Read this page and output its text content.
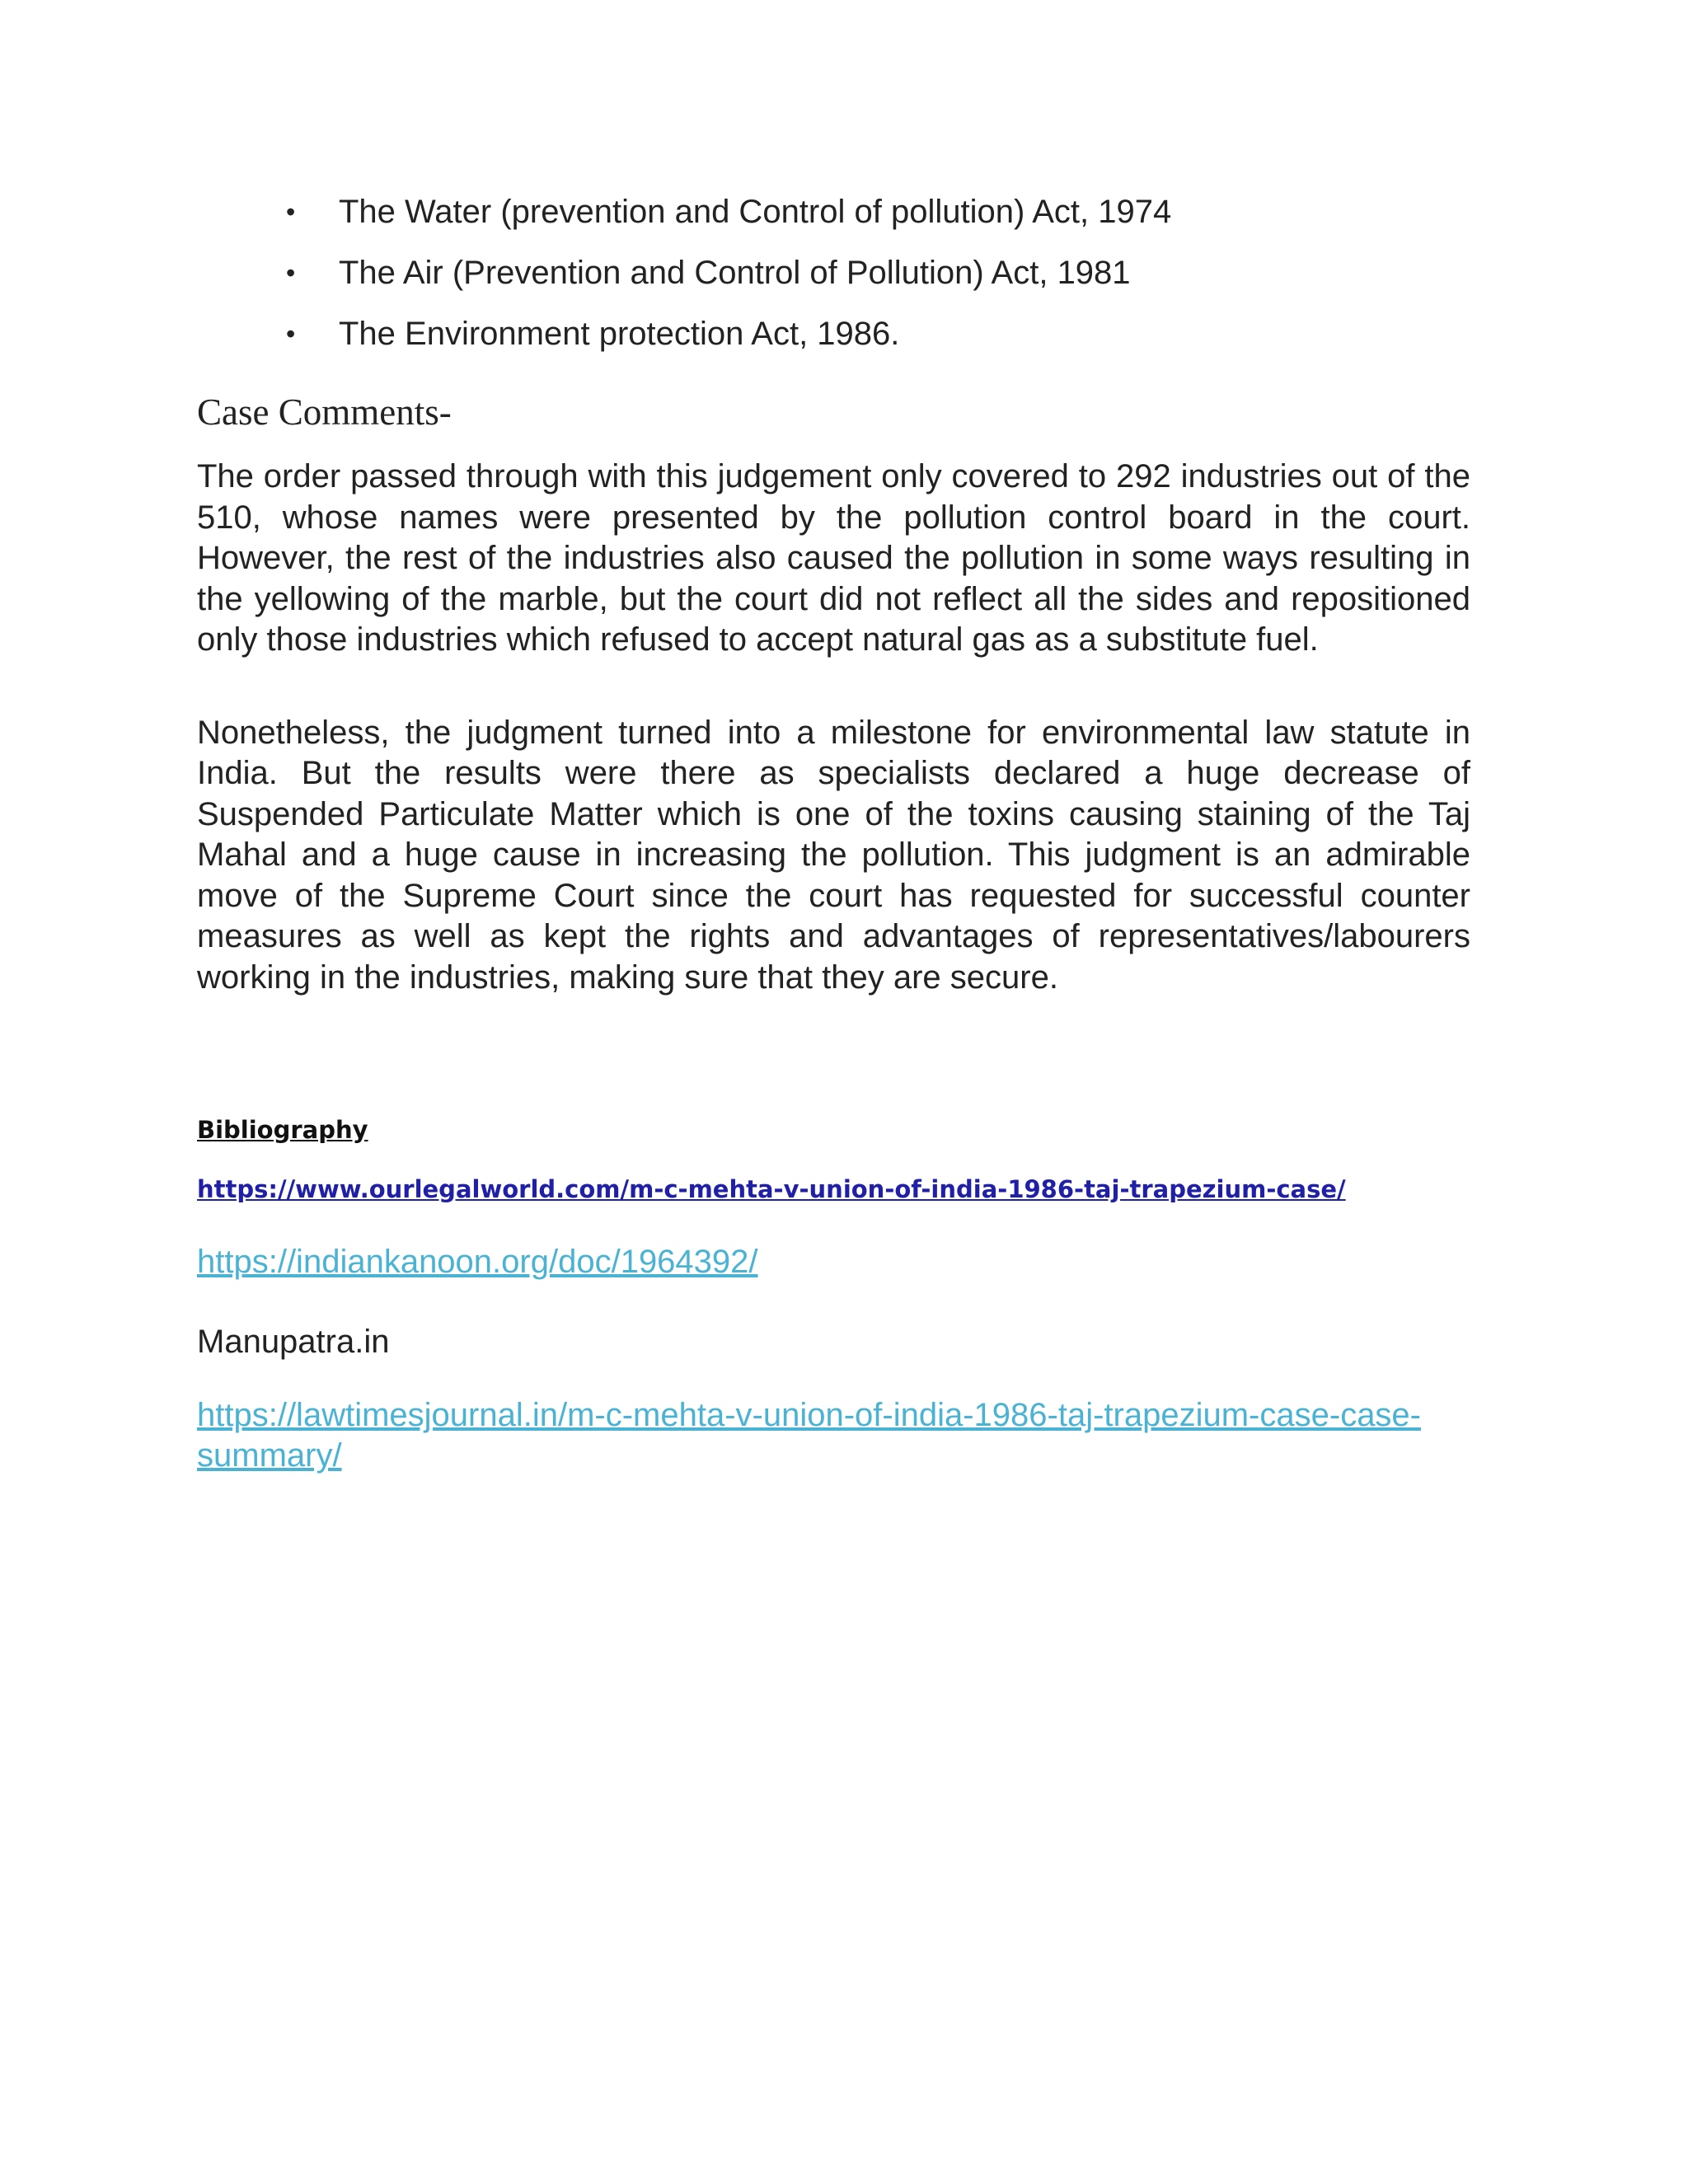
• The Water (prevention and Control of pollution) Act, 1974
• The Air (Prevention and Control of Pollution) Act, 1981
• The Environment protection Act, 1986.
Case Comments-

The order passed through with this judgement only covered to 292 industries out of the 510, whose names were presented by the pollution control board in the court. However, the rest of the industries also caused the pollution in some ways resulting in the yellowing of the marble, but the court did not reflect all the sides and repositioned only those industries which refused to accept natural gas as a substitute fuel.

Nonetheless, the judgment turned into a milestone for environmental law statute in India. But the results were there as specialists declared a huge decrease of Suspended Particulate Matter which is one of the toxins causing staining of the Taj Mahal and a huge cause in increasing the pollution. This judgment is an admirable move of the Supreme Court since the court has requested for successful counter measures as well as kept the rights and advantages of representatives/labourers working in the industries, making sure that they are secure.

Bibliography
https://www.ourlegalworld.com/m-c-mehta-v-union-of-india-1986-taj-trapezium-case/
https://indiankanoon.org/doc/1964392/
Manupatra.in
https://lawtimesjournal.in/m-c-mehta-v-union-of-india-1986-taj-trapezium-case-case-summary/
